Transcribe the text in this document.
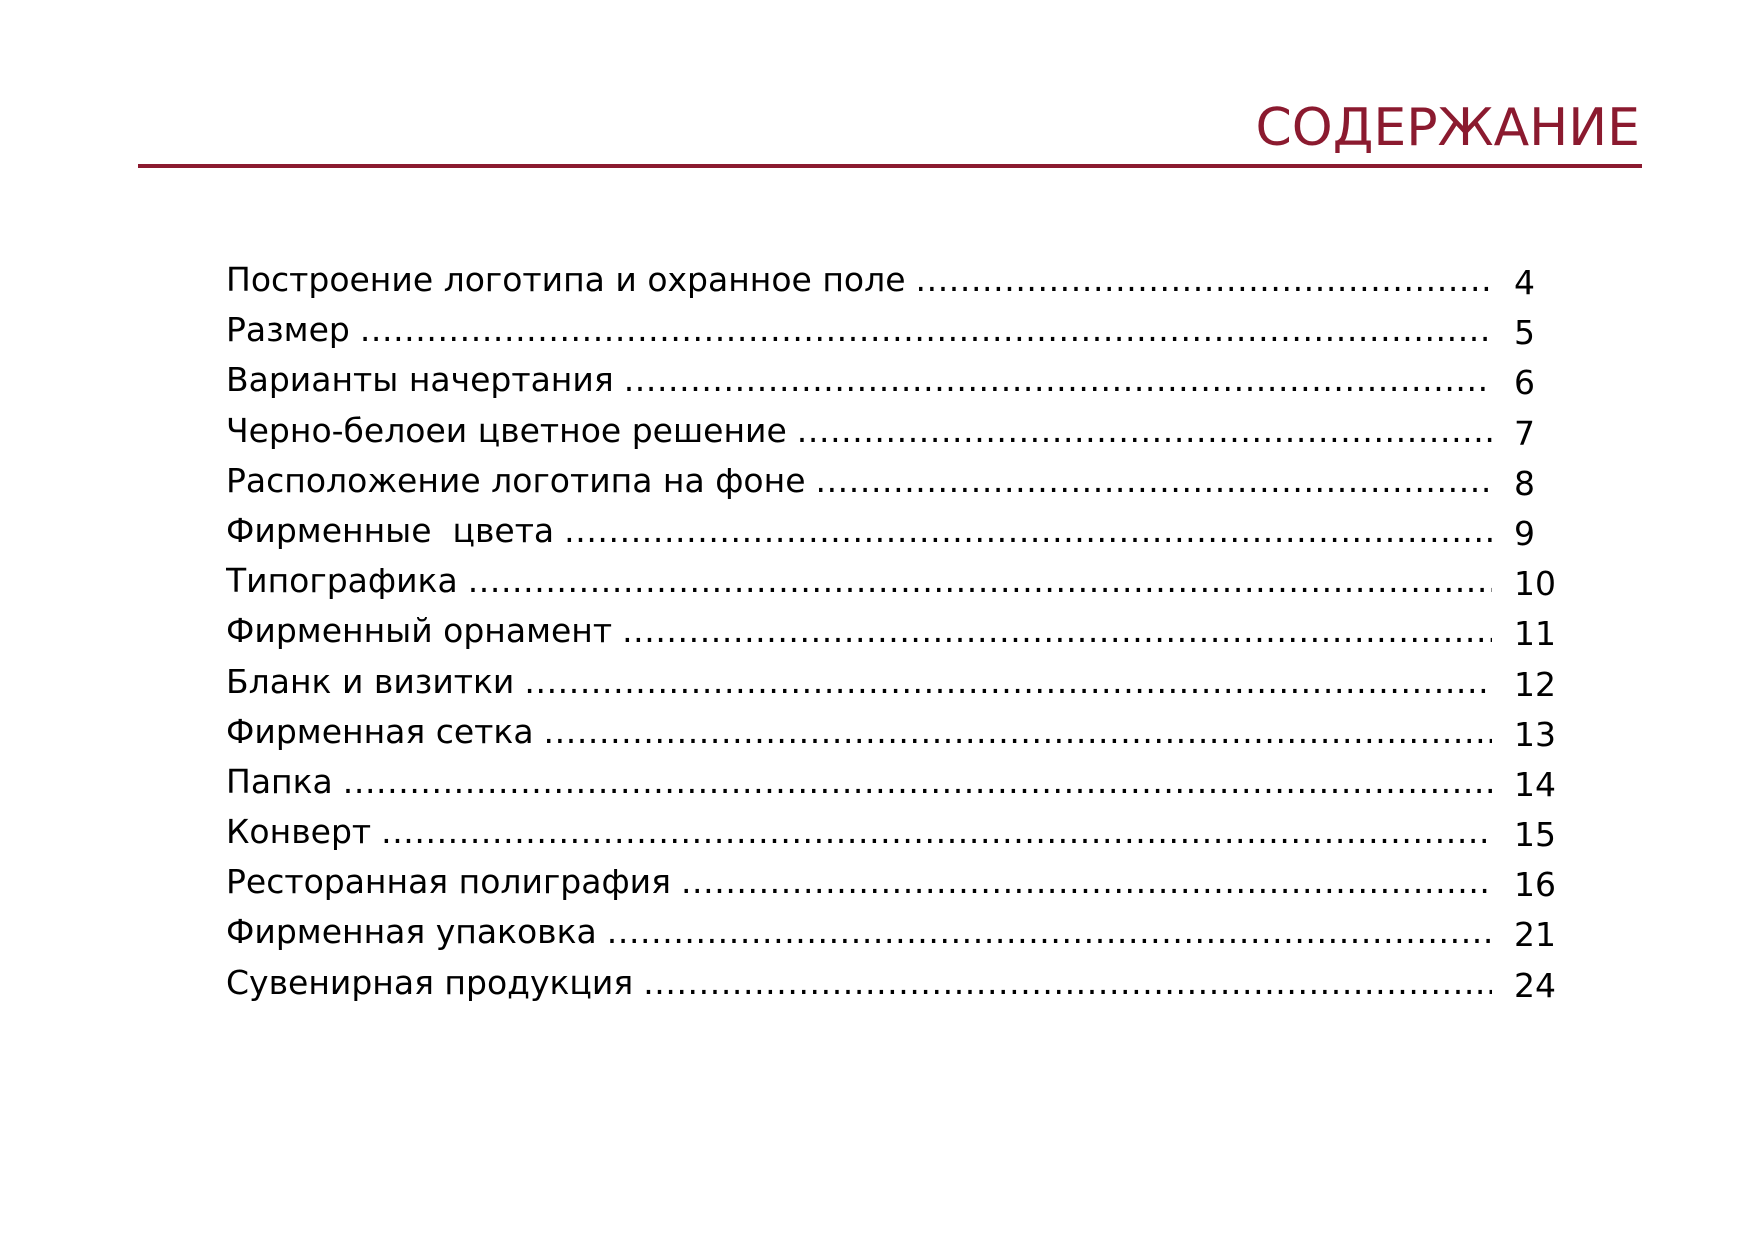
СОДЕРЖАНИЕ
Построение логотипа и охранное поле .....	4
Размер .....	5
Варианты начертания .....	6
Черно-белоеи цветное решение .....	7
Расположение логотипа на фоне .....	8
Фирменные  цвета .....	9
Типографика .....	10
Фирменный орнамент .....	11
Бланк и визитки .....	12
Фирменная сетка .....	13
Папка .....	14
Конверт .....	15
Ресторанная полиграфия .....	16
Фирменная упаковка .....	21
Сувенирная продукция .....	24
